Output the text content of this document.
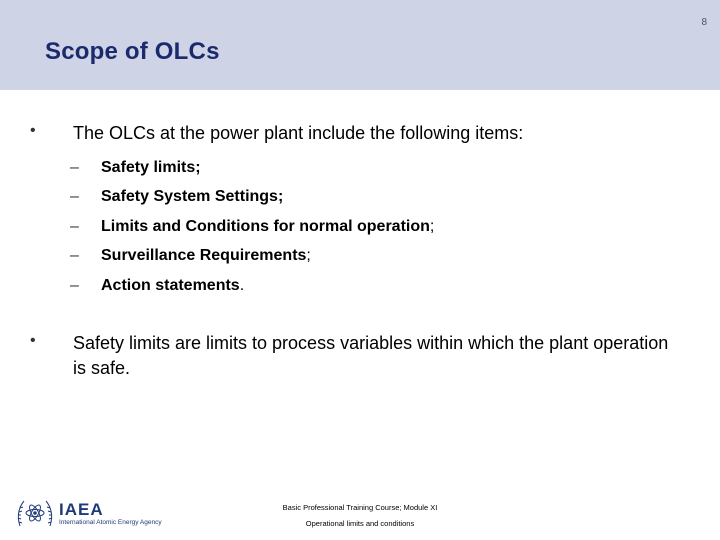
8
Scope of OLCs
•	The OLCs at the power plant include the following items:
–	Safety limits;
–	Safety System Settings;
–	Limits and Conditions for normal operation ;
–	Surveillance Requirements ;
–	Action statements .
•	Safety limits are limits to process variables within which the plant operation is safe.
IAEA
International Atomic Energy Agency
Basic Professional Training Course; Module XI
Operational limits and conditions
